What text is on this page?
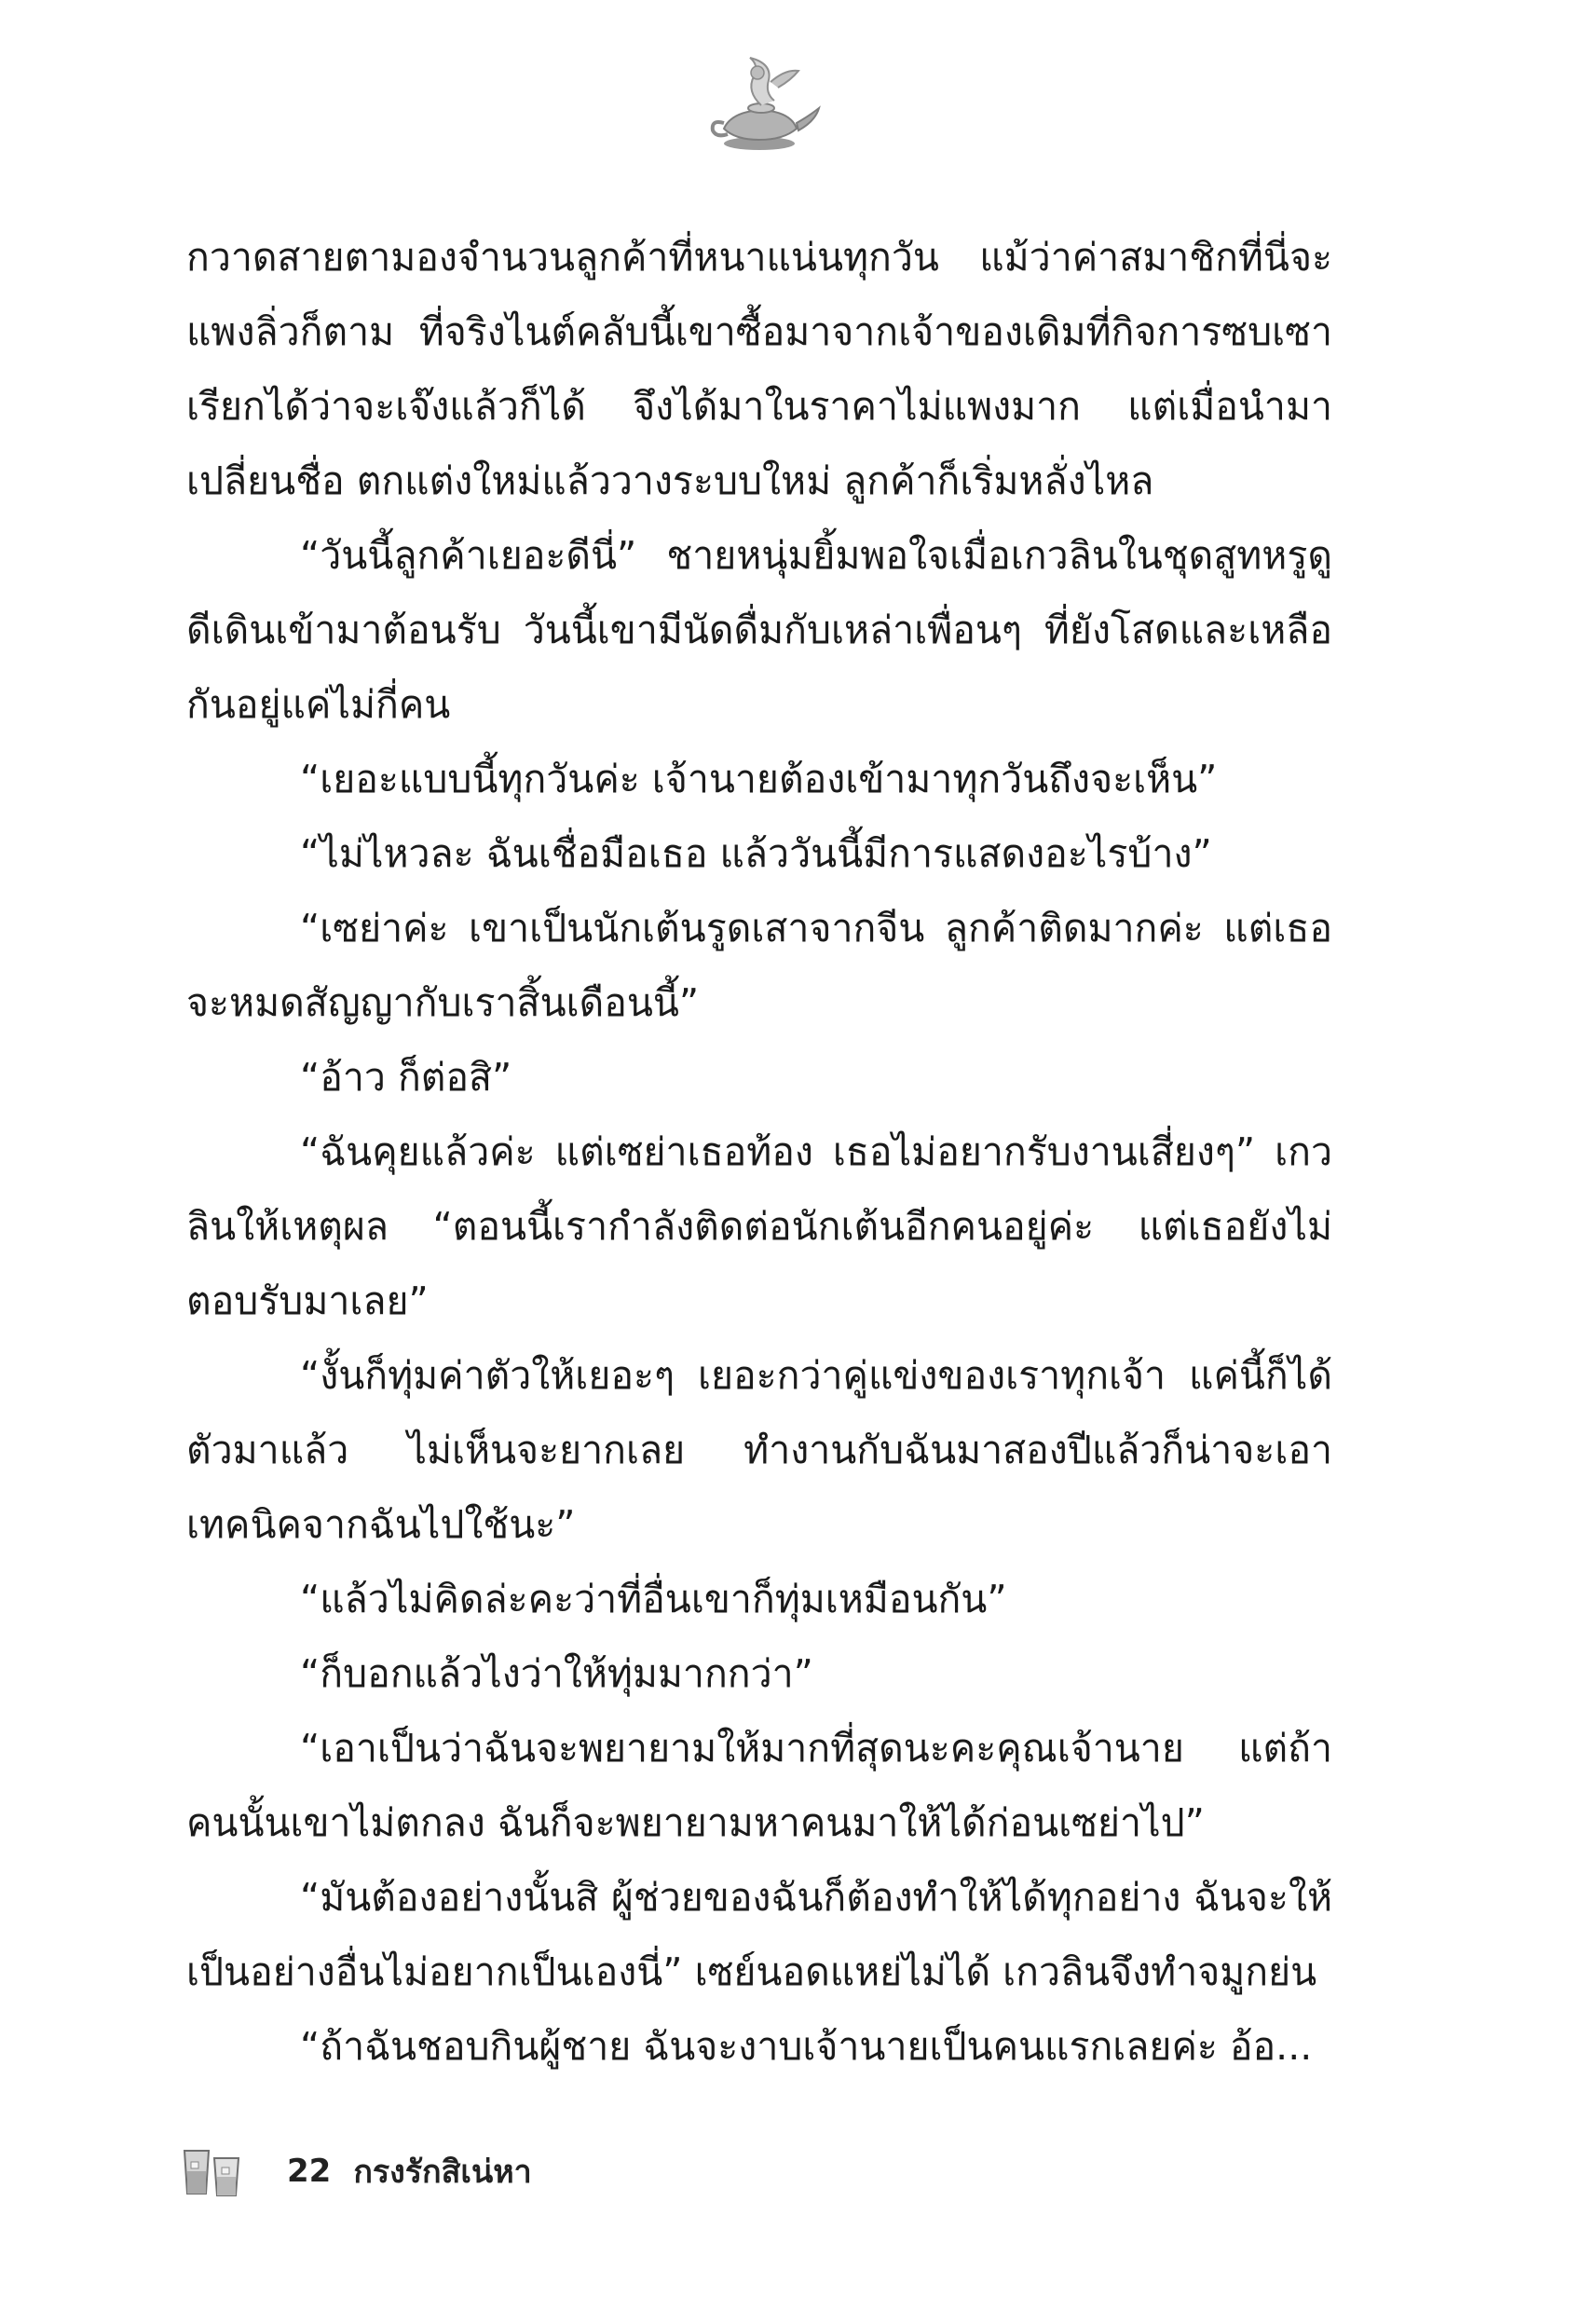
กวาดสายตามองจำนวนลูกค้าที่หนาแน่นทุกวัน แม้ว่าค่าสมาชิกที่นี่จะแพงลิ่วก็ตาม ที่จริงไนต์คลับนี้เขาซื้อมาจากเจ้าของเดิมที่กิจการซบเซา เรียกได้ว่าจะเจ๊งแล้วก็ได้ จึงได้มาในราคาไม่แพงมาก แต่เมื่อนำมาเปลี่ยนชื่อ ตกแต่งใหม่แล้ววางระบบใหม่ ลูกค้าก็เริ่มหลั่งไหล

“วันนี้ลูกค้าเยอะดีนี่” ชายหนุ่มยิ้มพอใจเมื่อเกวลินในชุดสูทหรูดูดีเดินเข้ามาต้อนรับ วันนี้เขามีนัดดื่มกับเหล่าเพื่อนๆ ที่ยังโสดและเหลือกันอยู่แค่ไม่กี่คน

“เยอะแบบนี้ทุกวันค่ะ เจ้านายต้องเข้ามาทุกวันถึงจะเห็น”

“ไม่ไหวละ ฉันเชื่อมือเธอ แล้ววันนี้มีการแสดงอะไรบ้าง”

“เซย่าค่ะ เขาเป็นนักเต้นรูดเสาจากจีน ลูกค้าติดมากค่ะ แต่เธอจะหมดสัญญากับเราสิ้นเดือนนี้”

“อ้าว ก็ต่อสิ”

“ฉันคุยแล้วค่ะ แต่เซย่าเธอท้อง เธอไม่อยากรับงานเสี่ยงๆ” เกวลินให้เหตุผล “ตอนนี้เรากำลังติดต่อนักเต้นอีกคนอยู่ค่ะ แต่เธอยังไม่ตอบรับมาเลย”

“งั้นก็ทุ่มค่าตัวให้เยอะๆ เยอะกว่าคู่แข่งของเราทุกเจ้า แค่นี้ก็ได้ตัวมาแล้ว ไม่เห็นจะยากเลย ทำงานกับฉันมาสองปีแล้วก็น่าจะเอาเทคนิคจากฉันไปใช้นะ”

“แล้วไม่คิดล่ะคะว่าที่อื่นเขาก็ทุ่มเหมือนกัน”

“ก็บอกแล้วไงว่าให้ทุ่มมากกว่า”

“เอาเป็นว่าฉันจะพยายามให้มากที่สุดนะคะคุณเจ้านาย แต่ถ้าคนนั้นเขาไม่ตกลง ฉันก็จะพยายามหาคนมาให้ได้ก่อนเซย่าไป”

“มันต้องอย่างนั้นสิ ผู้ช่วยของฉันก็ต้องทำให้ได้ทุกอย่าง ฉันจะให้เป็นอย่างอื่นไม่อยากเป็นเองนี่” เซย์นอดแหย่ไม่ได้ เกวลินจึงทำจมูกย่น

“ถ้าฉันชอบกินผู้ชาย ฉันจะงาบเจ้านายเป็นคนแรกเลยค่ะ อ้อ...

22 กรงรักสิเน่หา
